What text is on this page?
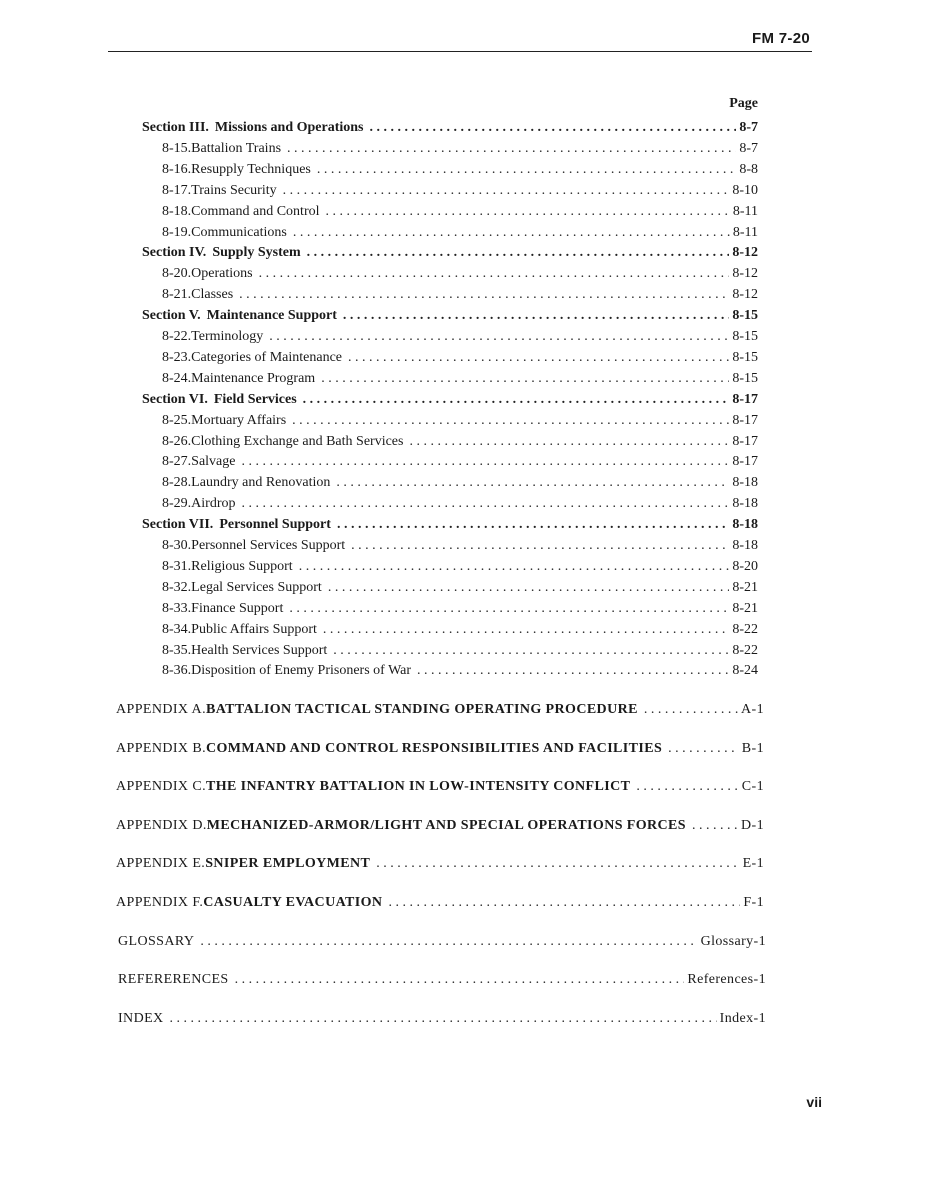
FM 7-20
Page
Section III. Missions and Operations . . .	8-7
8-15. Battalion Trains . . .	8-7
8-16. Resupply Techniques . . .	8-8
8-17. Trains Security . . .	8-10
8-18. Command and Control . . .	8-11
8-19. Communications . . .	8-11
Section IV. Supply System . . .	8-12
8-20. Operations . . .	8-12
8-21. Classes . . .	8-12
Section V. Maintenance Support . . .	8-15
8-22. Terminology . . .	8-15
8-23. Categories of Maintenance . . .	8-15
8-24. Maintenance Program . . .	8-15
Section VI. Field Services . . .	8-17
8-25. Mortuary Affairs . . .	8-17
8-26. Clothing Exchange and Bath Services . . .	8-17
8-27. Salvage . . .	8-17
8-28. Laundry and Renovation . . .	8-18
8-29. Airdrop . . .	8-18
Section VII. Personnel Support . . .	8-18
8-30. Personnel Services Support . . .	8-18
8-31. Religious Support . . .	8-20
8-32. Legal Services Support . . .	8-21
8-33. Finance Support . . .	8-21
8-34. Public Affairs Support . . .	8-22
8-35. Health Services Support . . .	8-22
8-36. Disposition of Enemy Prisoners of War . . .	8-24
APPENDIX A. BATTALION TACTICAL STANDING OPERATING PROCEDURE . . .	A-1
APPENDIX B. COMMAND AND CONTROL RESPONSIBILITIES AND FACILITIES . . .	B-1
APPENDIX C. THE INFANTRY BATTALION IN LOW-INTENSITY CONFLICT . . .	C-1
APPENDIX D. MECHANIZED-ARMOR/LIGHT AND SPECIAL OPERATIONS FORCES . . .	D-1
APPENDIX E. SNIPER EMPLOYMENT . . .	E-1
APPENDIX F. CASUALTY EVACUATION . . .	F-1
GLOSSARY . . .	Glossary-1
REFERERENCES . . .	References-1
INDEX . . .	Index-1
vii
